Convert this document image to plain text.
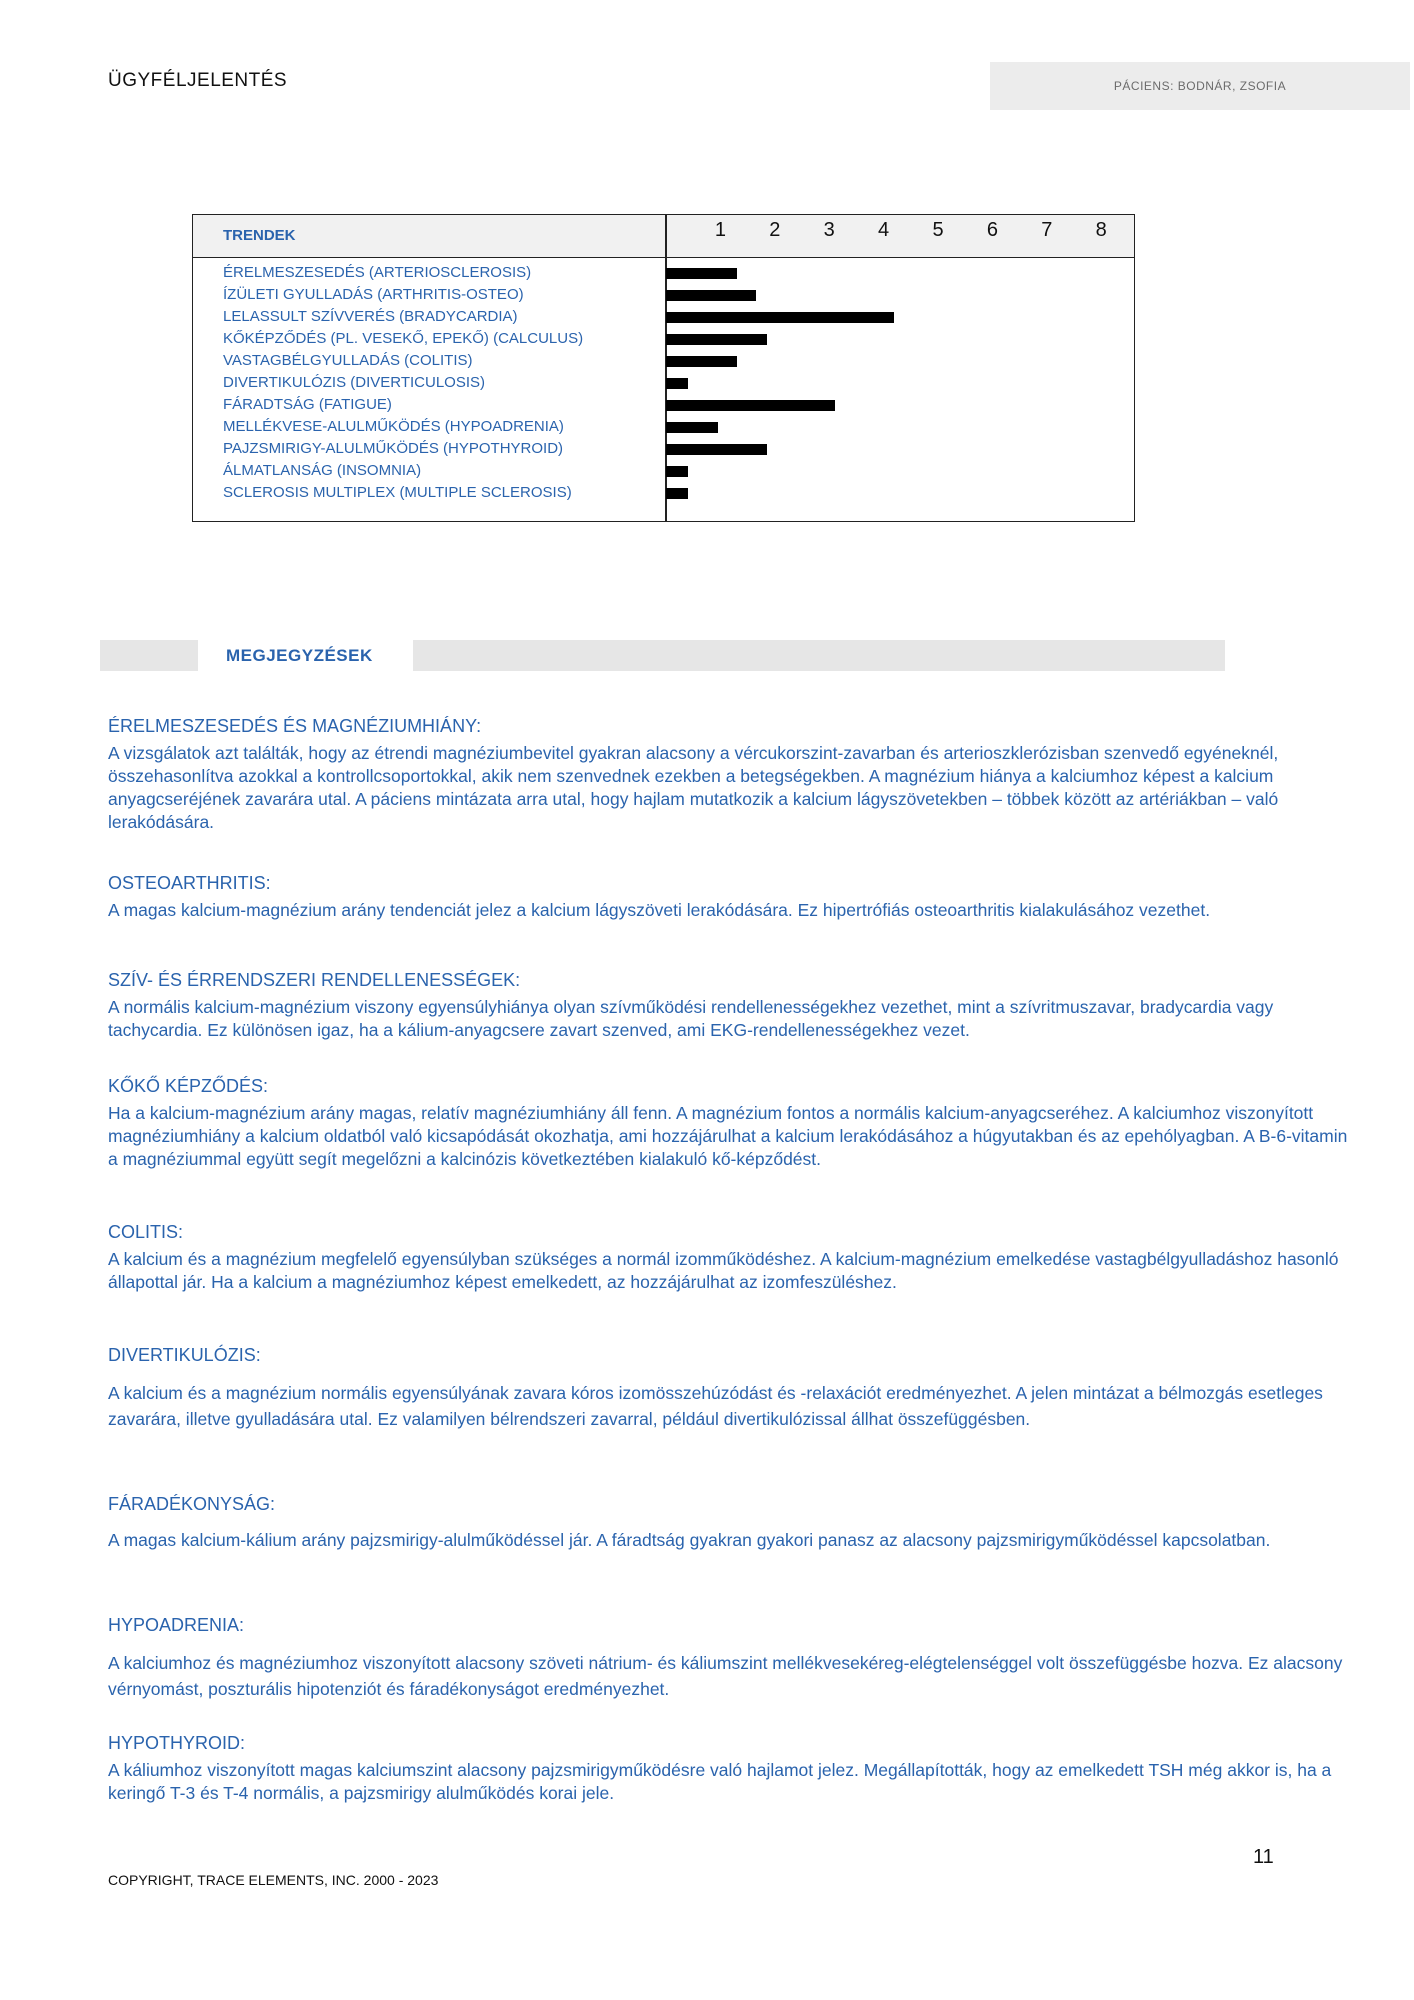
ÜGYFÉLJELENTÉS	PÁCIENS: BODNÁR, ZSOFIA
TRENDEK	1 2 3 4 5 6 7 8
ÉRELMESZESEDÉS (ARTERIOSCLEROSIS)
ÍZÜLETI GYULLADÁS (ARTHRITIS-OSTEO)
LELASSULT SZÍVVERÉS (BRADYCARDIA)
KŐKÉPZŐDÉS (PL. VESEKŐ, EPEKŐ) (CALCULUS)
VASTAGBÉLGYULLADÁS (COLITIS)
DIVERTIKULÓZIS (DIVERTICULOSIS)
FÁRADTSÁG (FATIGUE)
MELLÉKVESE-ALULMŰKÖDÉS (HYPOADRENIA)
PAJZSMIRIGY-ALULMŰKÖDÉS (HYPOTHYROID)
ÁLMATLANSÁG (INSOMNIA)
SCLEROSIS MULTIPLEX (MULTIPLE SCLEROSIS)
MEGJEGYZÉSEK

ÉRELMESZESEDÉS ÉS MAGNÉZIUMHIÁNY:

A vizsgálatok azt találták, hogy az étrendi magnéziumbevitel gyakran alacsony a vércukorszint-zavarban és arterioszklerózisban szenvedő egyéneknél, összehasonlítva azokkal a kontrollcsoportokkal, akik nem szenvednek ezekben a betegségekben. A magnézium hiánya a kalciumhoz képest a kalcium anyagcseréjének zavarára utal. A páciens mintázata arra utal, hogy hajlam mutatkozik a kalcium lágyszövetekben – többek között az artériákban – való lerakódására.

OSTEOARTHRITIS:

A magas kalcium-magnézium arány tendenciát jelez a kalcium lágyszöveti lerakódására. Ez hipertrófiás osteoarthritis kialakulásához vezethet.

SZÍV- ÉS ÉRRENDSZERI RENDELLENESSÉGEK:

A normális kalcium-magnézium viszony egyensúlyhiánya olyan szívműködési rendellenességekhez vezethet, mint a szívritmuszavar, bradycardia vagy tachycardia. Ez különösen igaz, ha a kálium-anyagcsere zavart szenved, ami EKG-rendellenességekhez vezet.

KŐKŐ KÉPZŐDÉS:

Ha a kalcium-magnézium arány magas, relatív magnéziumhiány áll fenn. A magnézium fontos a normális kalcium-anyagcseréhez. A kalciumhoz viszonyított magnéziumhiány a kalcium oldatból való kicsapódását okozhatja, ami hozzájárulhat a kalcium lerakódásához a húgyutakban és az epehólyagban. A B-6-vitamin a magnéziummal együtt segít megelőzni a kalcinózis következtében kialakuló kő-képződést.

COLITIS:

A kalcium és a magnézium megfelelő egyensúlyban szükséges a normál izomműködéshez. A kalcium-magnézium emelkedése vastagbélgyulladáshoz hasonló állapottal jár. Ha a kalcium a magnéziumhoz képest emelkedett, az hozzájárulhat az izomfeszüléshez.

DIVERTIKULÓZIS:

A kalcium és a magnézium normális egyensúlyának zavara kóros izomösszehúzódást és -relaxációt eredményezhet. A jelen mintázat a bélmozgás esetleges zavarára, illetve gyulladására utal. Ez valamilyen bélrendszeri zavarral, például divertikulózissal állhat összefüggésben.

FÁRADÉKONYSÁG:

A magas kalcium-kálium arány pajzsmirigy-alulműködéssel jár. A fáradtság gyakran gyakori panasz az alacsony pajzsmirigyműködéssel kapcsolatban.

HYPOADRENIA:

A kalciumhoz és magnéziumhoz viszonyított alacsony szöveti nátrium- és káliumszint mellékvesekéreg-elégtelenséggel volt összefüggésbe hozva. Ez alacsony vérnyomást, poszturális hipotenziót és fáradékonyságot eredményezhet.

HYPOTHYROID:

A káliumhoz viszonyított magas kalciumszint alacsony pajzsmirigyműködésre való hajlamot jelez. Megállapították, hogy az emelkedett TSH még akkor is, ha a keringő T-3 és T-4 normális, a pajzsmirigy alulműködés korai jele.

11
COPYRIGHT, TRACE ELEMENTS, INC. 2000 - 2023
